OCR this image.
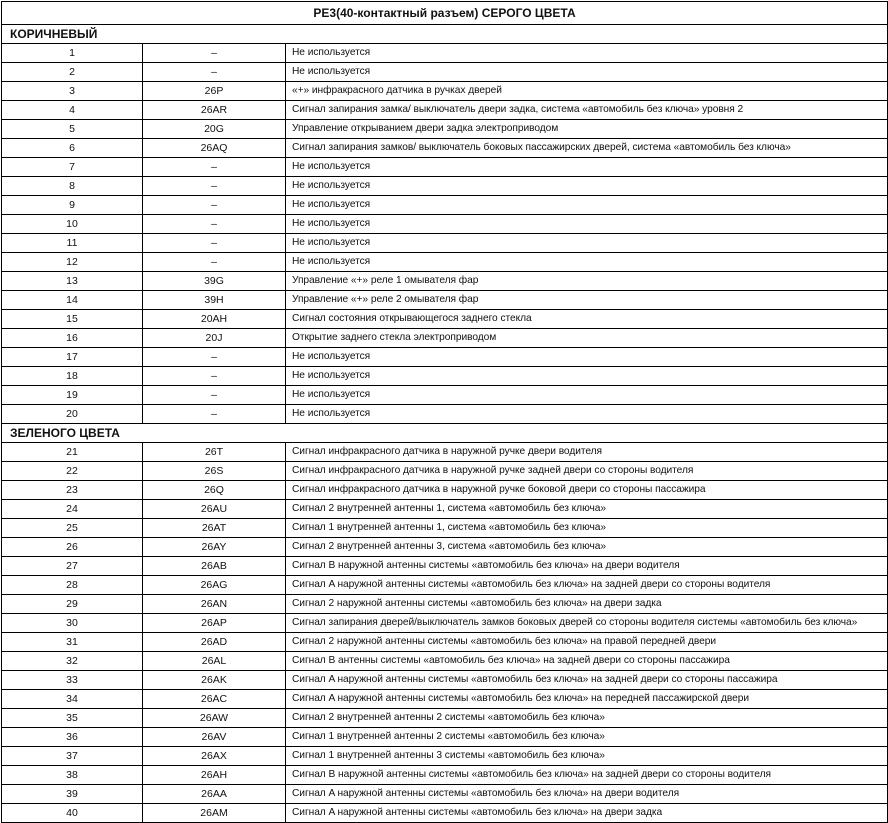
PE3(40-контактный разъем) СЕРОГО ЦВЕТА		
КОРИЧНЕВЫЙ		
1	–	Не используется
2	–	Не используется
3	26P	«+» инфракрасного датчика в ручках дверей
4	26AR	Сигнал запирания замка/ выключатель двери задка, система «автомобиль без ключа» уровня 2
5	20G	Управление открыванием двери задка электроприводом
6	26AQ	Сигнал запирания замков/ выключатель боковых пассажирских дверей, система «автомобиль без ключа»
7	–	Не используется
8	–	Не используется
9	–	Не используется
10	–	Не используется
11	–	Не используется
12	–	Не используется
13	39G	Управление «+» реле 1 омывателя фар
14	39H	Управление «+» реле 2 омывателя фар
15	20AH	Сигнал состояния открывающегося заднего стекла
16	20J	Открытие заднего стекла электроприводом
17	–	Не используется
18	–	Не используется
19	–	Не используется
20	–	Не используется
ЗЕЛЕНОГО ЦВЕТА		
21	26T	Сигнал инфракрасного датчика в наружной ручке двери водителя
22	26S	Сигнал инфракрасного датчика в наружной ручке задней двери со стороны водителя
23	26Q	Сигнал инфракрасного датчика в наружной ручке боковой двери со стороны пассажира
24	26AU	Сигнал 2 внутренней антенны 1, система «автомобиль без ключа»
25	26AT	Сигнал 1 внутренней антенны 1, система «автомобиль без ключа»
26	26AY	Сигнал 2 внутренней антенны 3, система «автомобиль без ключа»
27	26AB	Сигнал B наружной антенны системы «автомобиль без ключа» на двери водителя
28	26AG	Сигнал A наружной антенны системы «автомобиль без ключа» на задней двери со стороны водителя
29	26AN	Сигнал 2 наружной антенны системы «автомобиль без ключа» на двери задка
30	26AP	Сигнал запирания дверей/выключатель замков боковых дверей со стороны водителя системы «автомобиль без ключа»
31	26AD	Сигнал 2 наружной антенны системы «автомобиль без ключа» на правой передней двери
32	26AL	Сигнал B антенны системы «автомобиль без ключа» на задней двери со стороны пассажира
33	26AK	Сигнал A наружной антенны системы «автомобиль без ключа» на задней двери со стороны пассажира
34	26AC	Сигнал A наружной антенны системы «автомобиль без ключа» на передней пассажирской двери
35	26AW	Сигнал 2 внутренней антенны 2 системы «автомобиль без ключа»
36	26AV	Сигнал 1 внутренней антенны 2 системы «автомобиль без ключа»
37	26AX	Сигнал 1 внутренней антенны 3 системы «автомобиль без ключа»
38	26AH	Сигнал B наружной антенны системы «автомобиль без ключа» на задней двери со стороны водителя
39	26AA	Сигнал A наружной антенны системы «автомобиль без ключа» на двери водителя
40	26AM	Сигнал A наружной антенны системы «автомобиль без ключа» на двери задка
